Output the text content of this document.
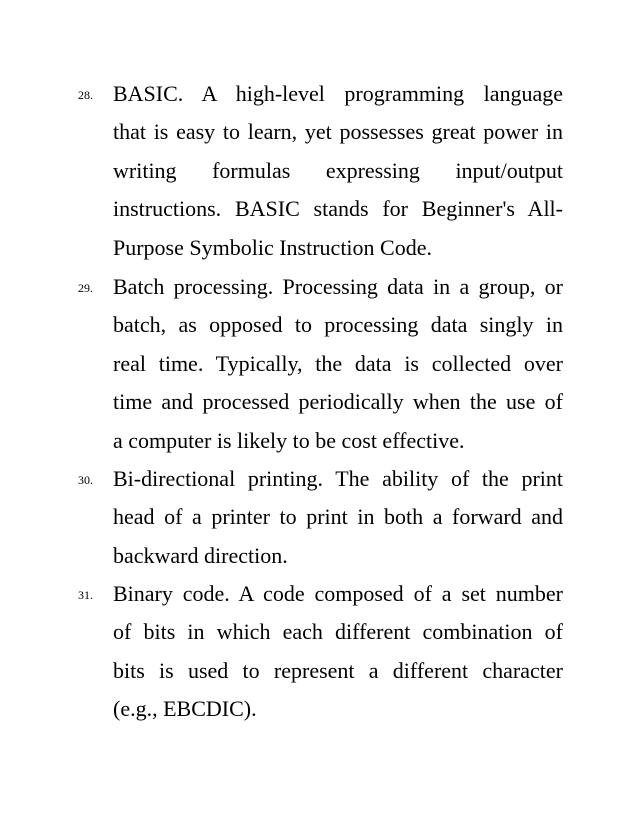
28. BASIC. A high-level programming language
that is easy to learn, yet possesses great power in
writing formulas expressing input/output
instructions. BASIC stands for Beginner's All-
Purpose Symbolic Instruction Code.
29. Batch processing. Processing data in a group, or
batch, as opposed to processing data singly in
real time. Typically, the data is collected over
time and processed periodically when the use of
a computer is likely to be cost effective.
30. Bi-directional printing. The ability of the print
head of a printer to print in both a forward and
backward direction.
31. Binary code. A code composed of a set number
of bits in which each different combination of
bits is used to represent a different character
(e.g., EBCDIC).
